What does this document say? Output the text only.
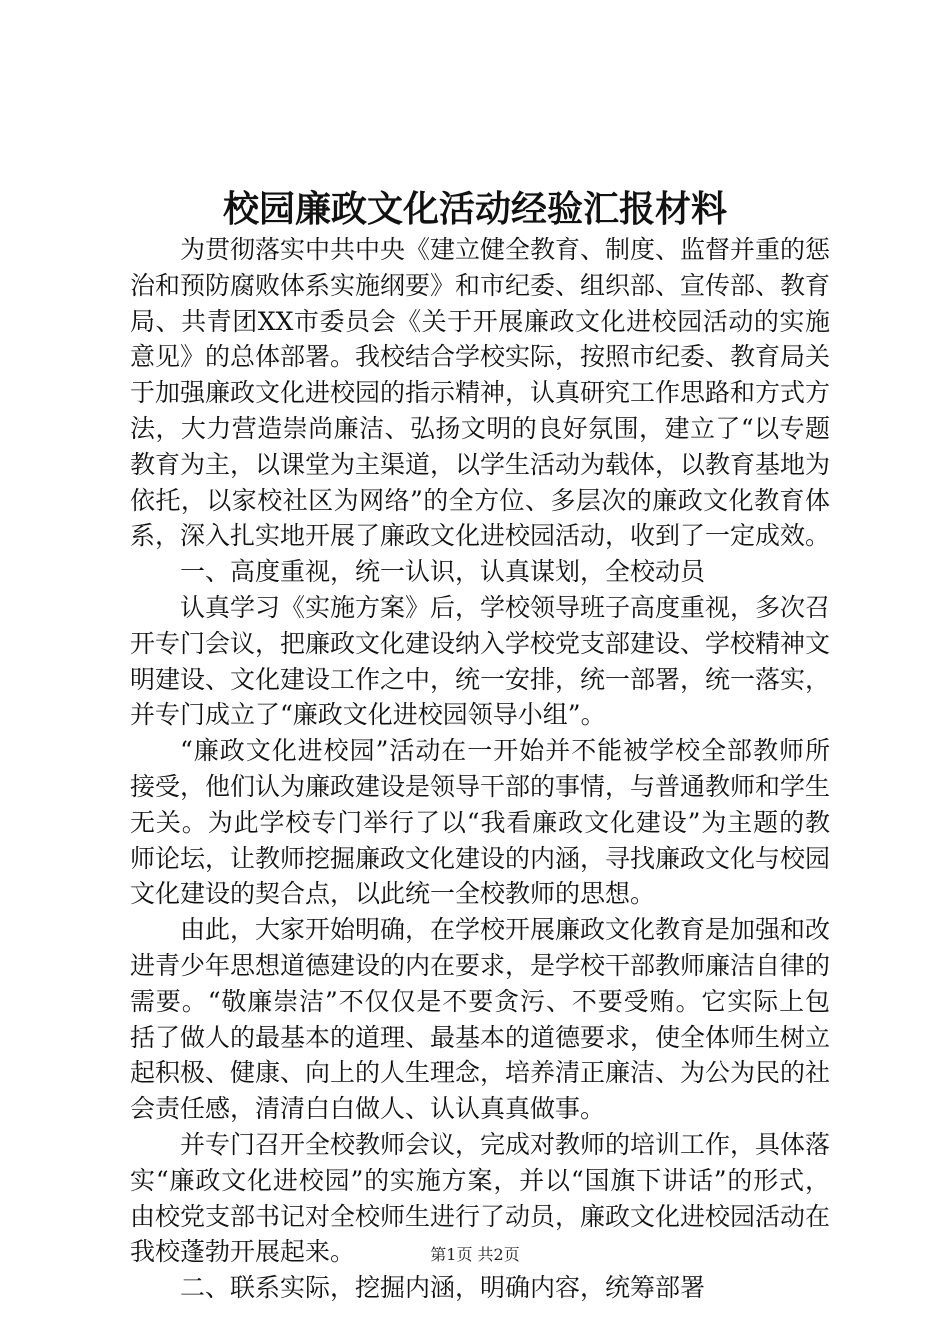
校园廉政文化活动经验汇报材料

为贯彻落实中共中央《建立健全教育、制度、监督并重的惩治和预防腐败体系实施纲要》和市纪委、组织部、宣传部、教育局、共青团XX市委员会《关于开展廉政文化进校园活动的实施意见》的总体部署。我校结合学校实际，按照市纪委、教育局关于加强廉政文化进校园的指示精神，认真研究工作思路和方式方法，大力营造崇尚廉洁、弘扬文明的良好氛围，建立了“以专题教育为主，以课堂为主渠道，以学生活动为载体，以教育基地为依托，以家校社区为网络”的全方位、多层次的廉政文化教育体系，深入扎实地开展了廉政文化进校园活动，收到了一定成效。

一、高度重视，统一认识，认真谋划，全校动员

认真学习《实施方案》后，学校领导班子高度重视，多次召开专门会议，把廉政文化建设纳入学校党支部建设、学校精神文明建设、文化建设工作之中，统一安排，统一部署，统一落实，并专门成立了“廉政文化进校园领导小组”。

“廉政文化进校园”活动在一开始并不能被学校全部教师所接受，他们认为廉政建设是领导干部的事情，与普通教师和学生无关。为此学校专门举行了以“我看廉政文化建设”为主题的教师论坛，让教师挖掘廉政文化建设的内涵，寻找廉政文化与校园文化建设的契合点，以此统一全校教师的思想。

由此，大家开始明确，在学校开展廉政文化教育是加强和改进青少年思想道德建设的内在要求，是学校干部教师廉洁自律的需要。“敬廉崇洁”不仅仅是不要贪污、不要受贿。它实际上包括了做人的最基本的道理、最基本的道德要求，使全体师生树立起积极、健康、向上的人生理念，培养清正廉洁、为公为民的社会责任感，清清白白做人、认认真真做事。

并专门召开全校教师会议，完成对教师的培训工作，具体落实“廉政文化进校园”的实施方案，并以“国旗下讲话”的形式，由校党支部书记对全校师生进行了动员，廉政文化进校园活动在我校蓬勃开展起来。

二、联系实际，挖掘内涵，明确内容，统筹部署

第1页 共2页
